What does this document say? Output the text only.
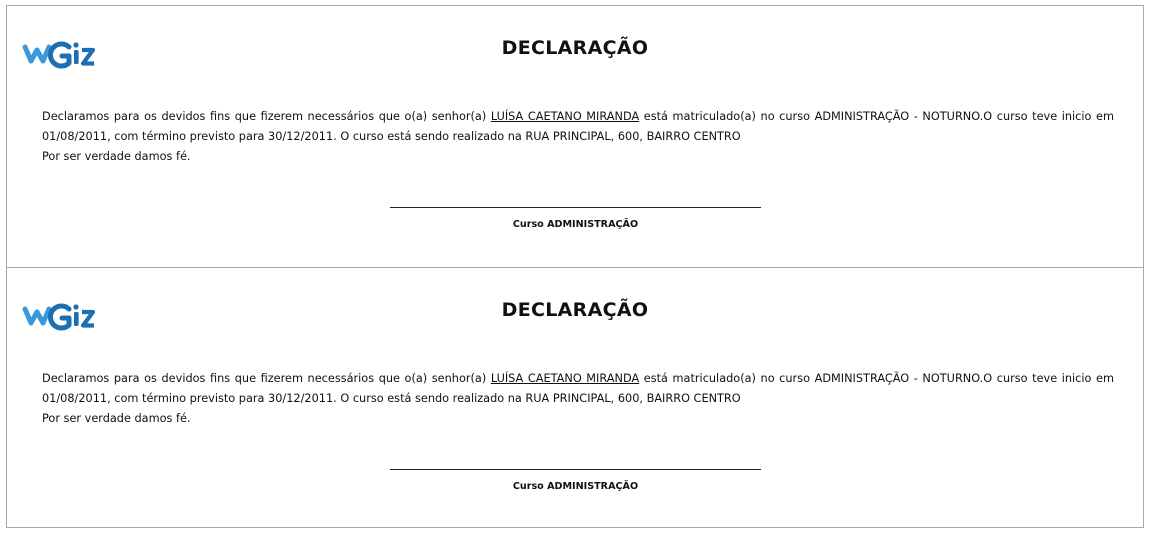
DECLARAÇÃO

Declaramos para os devidos fins que fizerem necessários que o(a) senhor(a) LUÍSA CAETANO MIRANDA está matriculado(a) no curso ADMINISTRAÇÃO - NOTURNO.O curso teve inicio em 01/08/2011, com término previsto para 30/12/2011. O curso está sendo realizado na RUA PRINCIPAL, 600, BAIRRO CENTRO

Por ser verdade damos fé.

Curso ADMINISTRAÇÃO
DECLARAÇÃO

Declaramos para os devidos fins que fizerem necessários que o(a) senhor(a) LUÍSA CAETANO MIRANDA está matriculado(a) no curso ADMINISTRAÇÃO - NOTURNO.O curso teve inicio em 01/08/2011, com término previsto para 30/12/2011. O curso está sendo realizado na RUA PRINCIPAL, 600, BAIRRO CENTRO

Por ser verdade damos fé.

Curso ADMINISTRAÇÃO
